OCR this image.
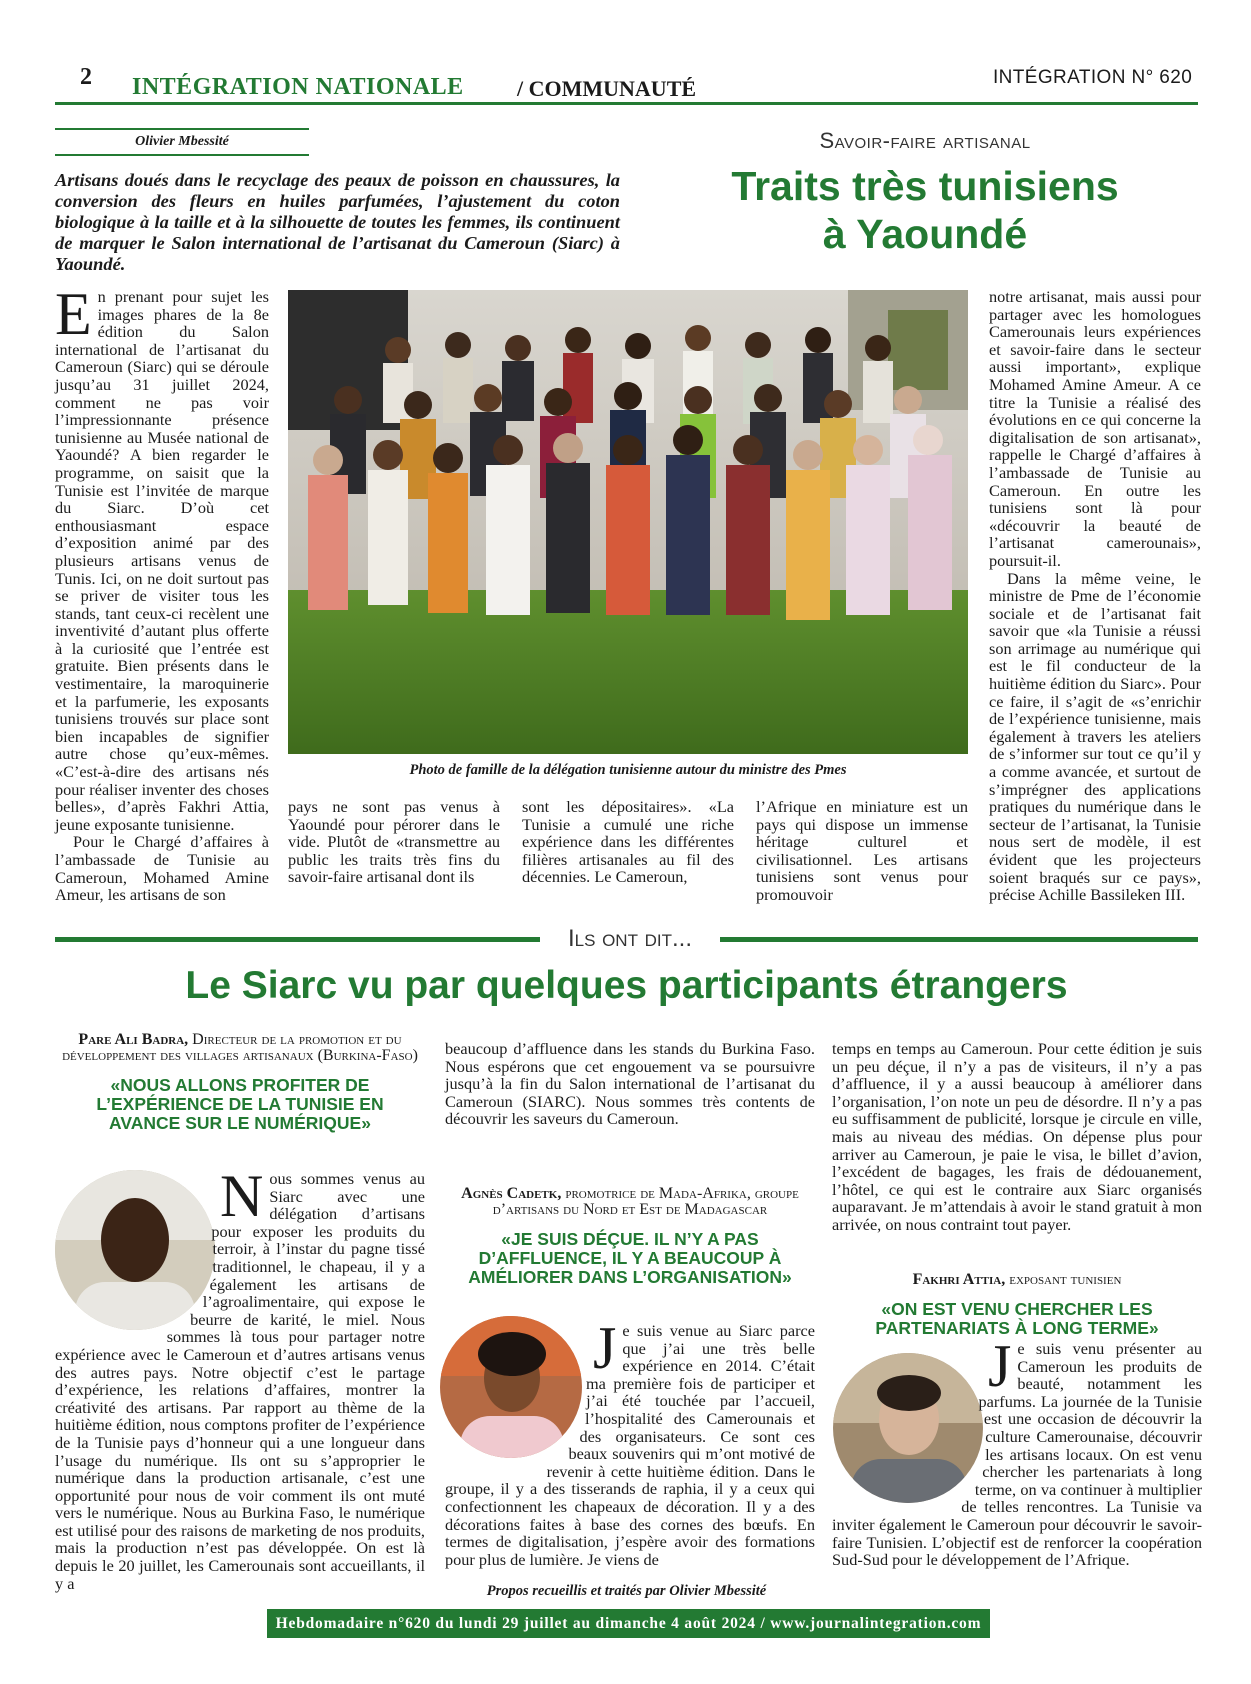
2 INTÉGRATION NATIONALE / COMMUNAUTÉ	INTÉGRATION N° 620
Olivier Mbessité
Artisans doués dans le recyclage des peaux de poisson en chaussures, la conversion des fleurs en huiles parfumées, l’ajustement du coton biologique à la taille et à la silhouette de toutes les femmes, ils continuent de marquer le Salon international de l’artisanat du Cameroun (Siarc) à Yaoundé.
Savoir-faire artisanal
Traits très tunisiens
à Yaoundé

En prenant pour sujet les images phares de la 8e édition du Salon international de l’artisanat du Cameroun (Siarc) qui se déroule jusqu’au 31 juillet 2024, comment ne pas voir l’impressionnante présence tunisienne au Musée national de Yaoundé? A bien regarder le programme, on saisit que la Tunisie est l’invitée de marque du Siarc. D’où cet enthousiasmant espace d’exposition animé par des plusieurs artisans venus de Tunis. Ici, on ne doit surtout pas se priver de visiter tous les stands, tant ceux-ci recèlent une inventivité d’autant plus offerte à la curiosité que l’entrée est gratuite. Bien présents dans le vestimentaire, la maroquinerie et la parfumerie, les exposants tunisiens trouvés sur place sont bien incapables de signifier autre chose qu’eux-mêmes. «C’est-à-dire des artisans nés pour réaliser inventer des choses belles», d’après Fakhri Attia, jeune exposante tunisienne.

Pour le Chargé d’affaires à l’ambassade de Tunisie au Cameroun, Mohamed Amine Ameur, les artisans de son

Photo de famille de la délégation tunisienne autour du ministre des Pmes
pays ne sont pas venus à Yaoundé pour pérorer dans le vide. Plutôt de «transmettre au public les traits très fins du savoir-faire artisanal dont ils
sont les dépositaires». «La Tunisie a cumulé une riche expérience dans les différentes filières artisanales au fil des décennies. Le Cameroun,
l’Afrique en miniature est un pays qui dispose un immense héritage culturel et civilisationnel. Les artisans tunisiens sont venus pour promouvoir

notre artisanat, mais aussi pour partager avec les homologues Camerounais leurs expériences et savoir-faire dans le secteur aussi important», explique Mohamed Amine Ameur. A ce titre la Tunisie a réalisé des évolutions en ce qui concerne la digitalisation de son artisanat», rappelle le Chargé d’affaires à l’ambassade de Tunisie au Cameroun. En outre les tunisiens sont là pour «découvrir la beauté de l’artisanat camerounais», poursuit-il.

Dans la même veine, le ministre de Pme de l’économie sociale et de l’artisanat fait savoir que «la Tunisie a réussi son arrimage au numérique qui est le fil conducteur de la huitième édition du Siarc». Pour ce faire, il s’agit de «s’enrichir de l’expérience tunisienne, mais également à travers les ateliers de s’informer sur tout ce qu’il y a comme avancée, et surtout de s’imprégner des applications pratiques du numérique dans le secteur de l’artisanat, la Tunisie nous sert de modèle, il est évident que les projecteurs soient braqués sur ce pays», précise Achille Bassileken III.

Ils ont dit...
Le Siarc vu par quelques participants étrangers
Pare Ali Badra, Directeur de la promotion et du développement des villages artisanaux (Burkina-Faso)
«NOUS ALLONS PROFITER DE L’EXPÉRIENCE DE LA TUNISIE EN AVANCE SUR LE NUMÉRIQUE»
Nous sommes venus au Siarc avec une délégation d’artisans pour exposer les produits du terroir, à l’instar du pagne tissé traditionnel, le chapeau, il y a également les artisans de l’agroalimentaire, qui expose le beurre de karité, le miel. Nous sommes là tous pour partager notre expérience avec le Cameroun et d’autres artisans venus des autres pays. Notre objectif c’est le partage d’expérience, les relations d’affaires, montrer la créativité des artisans. Par rapport au thème de la huitième édition, nous comptons profiter de l’expérience de la Tunisie pays d’honneur qui a une longueur dans l’usage du numérique. Ils ont su s’approprier le numérique dans la production artisanale, c’est une opportunité pour nous de voir comment ils ont muté vers le numérique. Nous au Burkina Faso, le numérique est utilisé pour des raisons de marketing de nos produits, mais la production n’est pas développée. On est là depuis le 20 juillet, les Camerounais sont accueillants, il y a
beaucoup d’affluence dans les stands du Burkina Faso. Nous espérons que cet engouement va se poursuivre jusqu’à la fin du Salon international de l’artisanat du Cameroun (SIARC). Nous sommes très contents de découvrir les saveurs du Cameroun.
Agnès Cadetk, promotrice de Mada-Afrika, groupe d’artisans du Nord et Est de Madagascar
«JE SUIS DÉÇUE. IL N’Y A PAS D’AFFLUENCE, IL Y A BEAUCOUP À AMÉLIORER DANS L’ORGANISATION»
Je suis venue au Siarc parce que j’ai une très belle expérience en 2014. C’était ma première fois de participer et j’ai été touchée par l’accueil, l’hospitalité des Camerounais et des organisateurs. Ce sont ces beaux souvenirs qui m’ont motivé de revenir à cette huitième édition. Dans le groupe, il y a des tisserands de raphia, il y a ceux qui confectionnent les chapeaux de décoration. Il y a des décorations faites à base des cornes des bœufs. En termes de digitalisation, j’espère avoir des formations pour plus de lumière. Je viens de
temps en temps au Cameroun. Pour cette édition je suis un peu déçue, il n’y a pas de visiteurs, il n’y a pas d’affluence, il y a aussi beaucoup à améliorer dans l’organisation, l’on note un peu de désordre. Il n’y a pas eu suffisamment de publicité, lorsque je circule en ville, mais au niveau des médias. On dépense plus pour arriver au Cameroun, je paie le visa, le billet d’avion, l’excédent de bagages, les frais de dédouanement, l’hôtel, ce qui est le contraire aux Siarc organisés auparavant. Je m’attendais à avoir le stand gratuit à mon arrivée, on nous contraint tout payer.
Fakhri Attia, exposant tunisien
«ON EST VENU CHERCHER LES PARTENARIATS À LONG TERME»
Je suis venu présenter au Cameroun les produits de beauté, notamment les parfums. La journée de la Tunisie est une occasion de découvrir la culture Camerounaise, découvrir les artisans locaux. On est venu chercher les partenariats à long terme, on va continuer à multiplier de telles rencontres. La Tunisie va inviter également le Cameroun pour découvrir le savoir-faire Tunisien. L’objectif est de renforcer la coopération Sud-Sud pour le développement de l’Afrique.
Propos recueillis et traités par Olivier Mbessité
Hebdomadaire n°620 du lundi 29 juillet au dimanche 4 août 2024 / www.journalintegration.com
